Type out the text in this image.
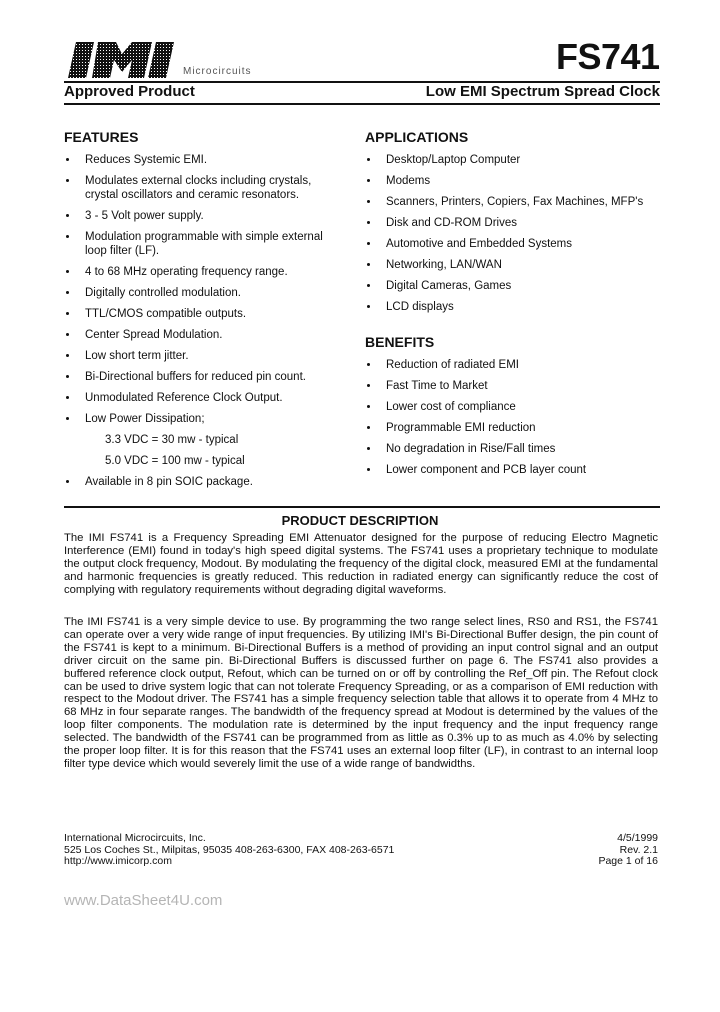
Microcircuits	FS741
Approved Product	Low EMI Spectrum Spread Clock
FEATURES
Reduces Systemic EMI.
Modulates external clocks including crystals, crystal oscillators and ceramic resonators.
3 - 5 Volt power supply.
Modulation programmable with simple external loop filter (LF).
4 to 68 MHz operating frequency range.
Digitally controlled modulation.
TTL/CMOS compatible outputs.
Center Spread Modulation.
Low short term jitter.
Bi-Directional buffers for reduced pin count.
Unmodulated Reference Clock Output.
Low Power Dissipation;
3.3 VDC = 30 mw - typical
5.0 VDC = 100 mw - typical
Available in 8 pin SOIC package.
APPLICATIONS
Desktop/Laptop Computer
Modems
Scanners, Printers, Copiers, Fax Machines, MFP's
Disk and CD-ROM Drives
Automotive and Embedded Systems
Networking, LAN/WAN
Digital Cameras, Games
LCD displays
BENEFITS
Reduction of radiated EMI
Fast Time to Market
Lower cost of compliance
Programmable EMI reduction
No degradation in Rise/Fall times
Lower component and PCB layer count
PRODUCT DESCRIPTION

The IMI FS741 is a Frequency Spreading EMI Attenuator designed for the purpose of reducing Electro Magnetic Interference (EMI) found in today's high speed digital systems. The FS741 uses a proprietary technique to modulate the output clock frequency, Modout. By modulating the frequency of the digital clock, measured EMI at the fundamental and harmonic frequencies is greatly reduced. This reduction in radiated energy can significantly reduce the cost of complying with regulatory requirements without degrading digital waveforms.

The IMI FS741 is a very simple device to use. By programming the two range select lines, RS0 and RS1, the FS741 can operate over a very wide range of input frequencies. By utilizing IMI's Bi-Directional Buffer design, the pin count of the FS741 is kept to a minimum. Bi-Directional Buffers is a method of providing an input control signal and an output driver circuit on the same pin. Bi-Directional Buffers is discussed further on page 6. The FS741 also provides a buffered reference clock output, Refout, which can be turned on or off by controlling the Ref_Off pin. The Refout clock can be used to drive system logic that can not tolerate Frequency Spreading, or as a comparison of EMI reduction with respect to the Modout driver. The FS741 has a simple frequency selection table that allows it to operate from 4 MHz to 68 MHz in four separate ranges. The bandwidth of the frequency spread at Modout is determined by the values of the loop filter components. The modulation rate is determined by the input frequency and the input frequency range selected. The bandwidth of the FS741 can be programmed from as little as 0.3% up to as much as 4.0% by selecting the proper loop filter. It is for this reason that the FS741 uses an external loop filter (LF), in contrast to an internal loop filter type device which would severely limit the use of a wide range of bandwidths.

International Microcircuits, Inc.
525 Los Coches St., Milpitas, 95035 408-263-6300, FAX 408-263-6571
http://www.imicorp.com
4/5/1999
Rev. 2.1
Page 1 of 16
www.DataSheet4U.com
